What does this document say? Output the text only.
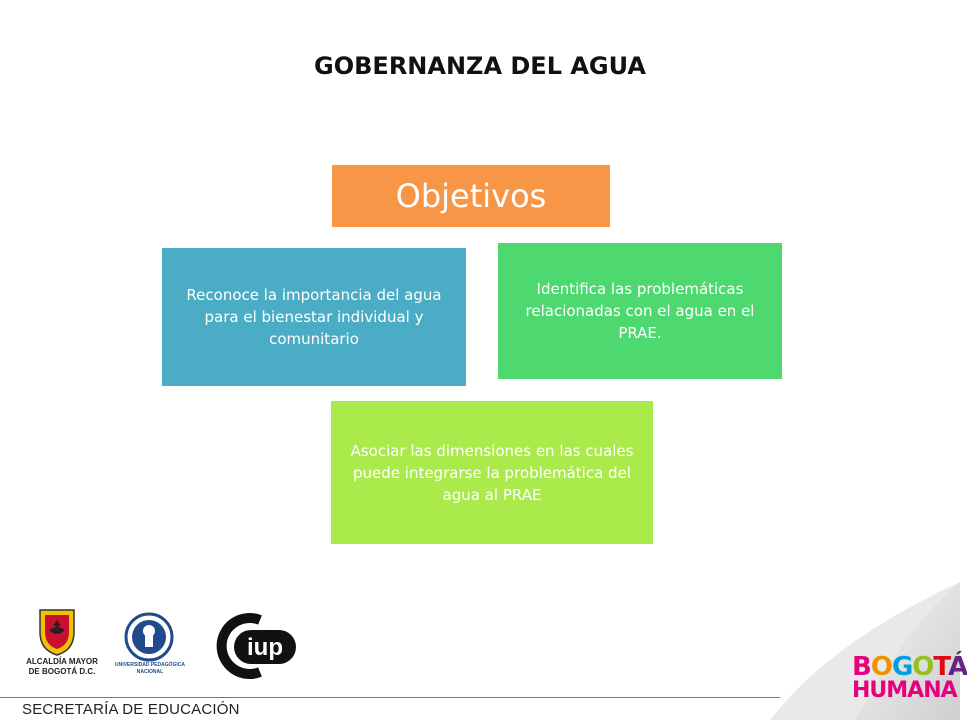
GOBERNANZA DEL AGUA
Objetivos
Reconoce la importancia del agua para el bienestar individual y comunitario
Identifica las problemáticas relacionadas con el agua en el PRAE.
Asociar las dimensiones en las cuales puede integrarse la problemática del agua al PRAE
ALCALDÍA MAYOR
DE BOGOTÁ D.C.
UNIVERSIDAD PEDAGÓGICA
NACIONAL
iup
BOGOTÁ
HUMANA
SECRETARÍA DE EDUCACIÓN
